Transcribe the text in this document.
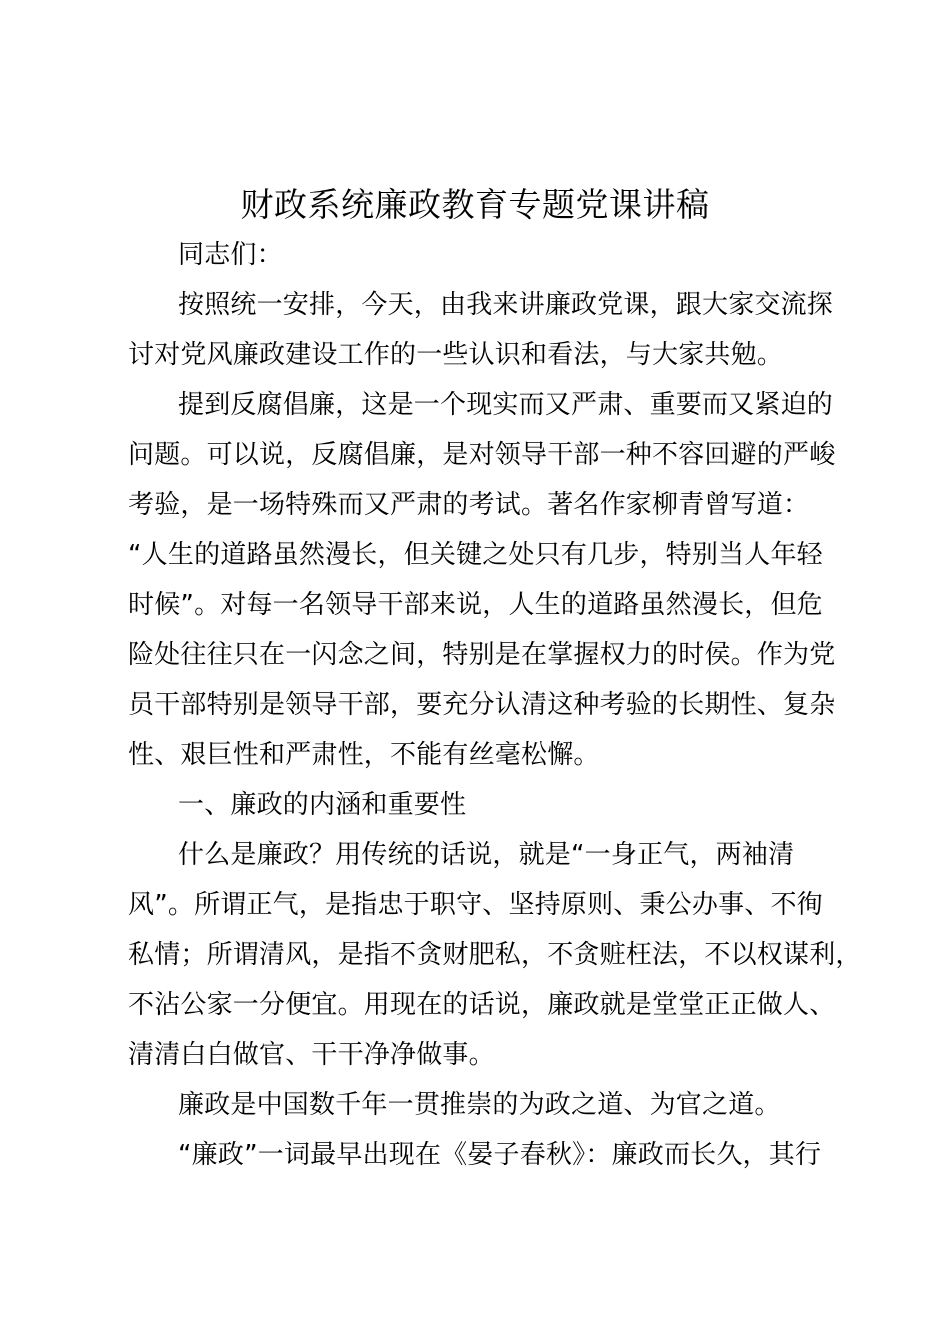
财政系统廉政教育专题党课讲稿
同志们：
按照统一安排，今天，由我来讲廉政党课，跟大家交流探
讨对党风廉政建设工作的一些认识和看法，与大家共勉。
提到反腐倡廉，这是一个现实而又严肃、重要而又紧迫的
问题。可以说，反腐倡廉，是对领导干部一种不容回避的严峻
考验，是一场特殊而又严肃的考试。著名作家柳青曾写道：
“人生的道路虽然漫长，但关键之处只有几步，特别当人年轻
时候”。对每一名领导干部来说，人生的道路虽然漫长，但危
险处往往只在一闪念之间，特别是在掌握权力的时侯。作为党
员干部特别是领导干部，要充分认清这种考验的长期性、复杂
性、艰巨性和严肃性，不能有丝毫松懈。
一、廉政的内涵和重要性
什么是廉政？用传统的话说，就是“一身正气，两袖清
风”。所谓正气，是指忠于职守、坚持原则、秉公办事、不徇
私情；所谓清风，是指不贪财肥私，不贪赃枉法，不以权谋利，
不沾公家一分便宜。用现在的话说，廉政就是堂堂正正做人、
清清白白做官、干干净净做事。
廉政是中国数千年一贯推崇的为政之道、为官之道。
“廉政”一词最早出现在《晏子春秋》：廉政而长久，其行
